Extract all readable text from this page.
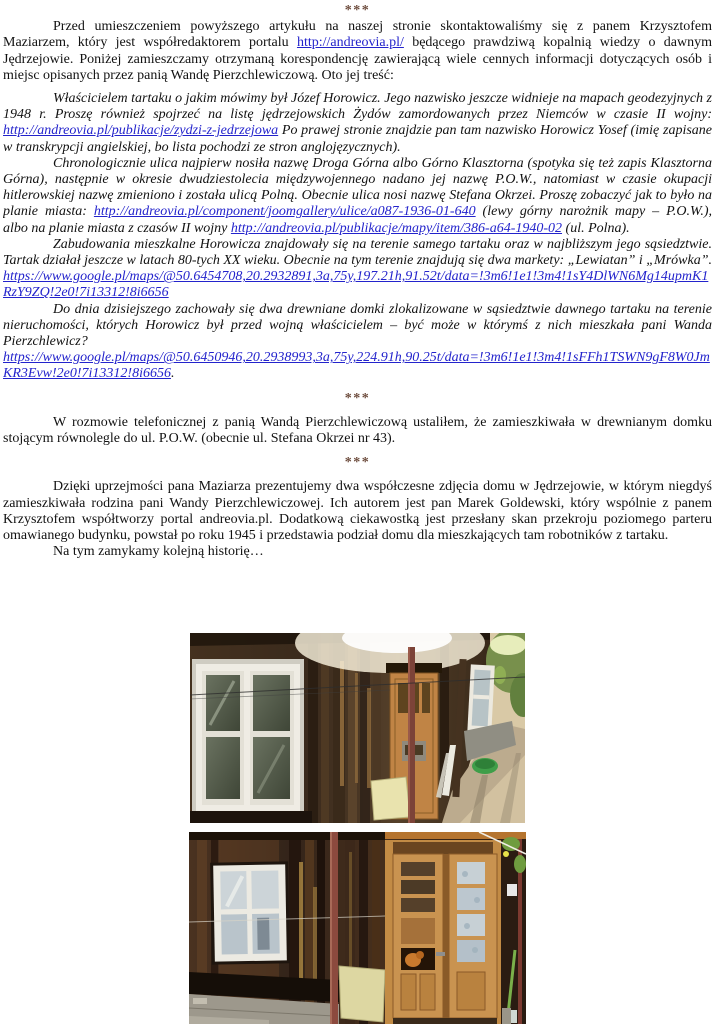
***

Przed umieszczeniem powyższego artykułu na naszej stronie skontaktowaliśmy się z panem Krzysztofem Maziarzem, który jest współredaktorem portalu http://andreovia.pl/ będącego prawdziwą kopalnią wiedzy o dawnym Jędrzejowie. Poniżej zamieszczamy otrzymaną korespondencję zawierającą wiele cennych informacji dotyczących osób i miejsc opisanych przez panią Wandę Pierzchlewiczową. Oto jej treść:

Właścicielem tartaku o jakim mówimy był Józef Horowicz. Jego nazwisko jeszcze widnieje na mapach geodezyjnych z 1948 r. Proszę również spojrzeć na listę jędrzejowskich Żydów zamordowanych przez Niemców w czasie II wojny: http://andreovia.pl/publikacje/zydzi-z-jedrzejowa Po prawej stronie znajdzie pan tam nazwisko Horowicz Yosef (imię zapisane w transkrypcji angielskiej, bo lista pochodzi ze stron anglojęzycznych).

Chronologicznie ulica najpierw nosiła nazwę Droga Górna albo Górno Klasztorna (spotyka się też zapis Klasztorna Górna), następnie w okresie dwudziestolecia międzywojennego nadano jej nazwę P.O.W., natomiast w czasie okupacji hitlerowskiej nazwę zmieniono i została ulicą Polną. Obecnie ulica nosi nazwę Stefana Okrzei. Proszę zobaczyć jak to było na planie miasta: http://andreovia.pl/component/joomgallery/ulice/a087-1936-01-640 (lewy górny narożnik mapy – P.O.W.), albo na planie miasta z czasów II wojny http://andreovia.pl/publikacje/mapy/item/386-a64-1940-02 (ul. Polna).

Zabudowania mieszkalne Horowicza znajdowały się na terenie samego tartaku oraz w najbliższym jego sąsiedztwie. Tartak działał jeszcze w latach 80-tych XX wieku. Obecnie na tym terenie znajdują się dwa markety: „Lewiatan” i „Mrówka”.

https://www.google.pl/maps/@50.6454708,20.2932891,3a,75y,197.21h,91.52t/data=!3m6!1e1!3m4!1sY4DlWN6Mg14upmK1RzY9ZQ!2e0!7i13312!8i6656

Do dnia dzisiejszego zachowały się dwa drewniane domki zlokalizowane w sąsiedztwie dawnego tartaku na terenie nieruchomości, których Horowicz był przed wojną właścicielem – być może w którymś z nich mieszkała pani Wanda Pierzchlewicz?

https://www.google.pl/maps/@50.6450946,20.2938993,3a,75y,224.91h,90.25t/data=!3m6!1e1!3m4!1sFFh1TSWN9gF8W0JmKR3Evw!2e0!7i13312!8i6656.

***

W rozmowie telefonicznej z panią Wandą Pierzchlewiczową ustaliłem, że zamieszkiwała w drewnianym domku stojącym równolegle do ul. P.O.W. (obecnie ul. Stefana Okrzei nr 43).

***

Dzięki uprzejmości pana Maziarza prezentujemy dwa współczesne zdjęcia domu w Jędrzejowie, w którym niegdyś zamieszkiwała rodzina pani Wandy Pierzchlewiczowej. Ich autorem jest pan Marek Goldewski, który wspólnie z panem Krzysztofem współtworzy portal andreovia.pl. Dodatkową ciekawostką jest przesłany skan przekroju poziomego parteru omawianego budynku, powstał po roku 1945 i przedstawia podział domu dla mieszkających tam robotników z tartaku.

Na tym zamykamy kolejną historię…
